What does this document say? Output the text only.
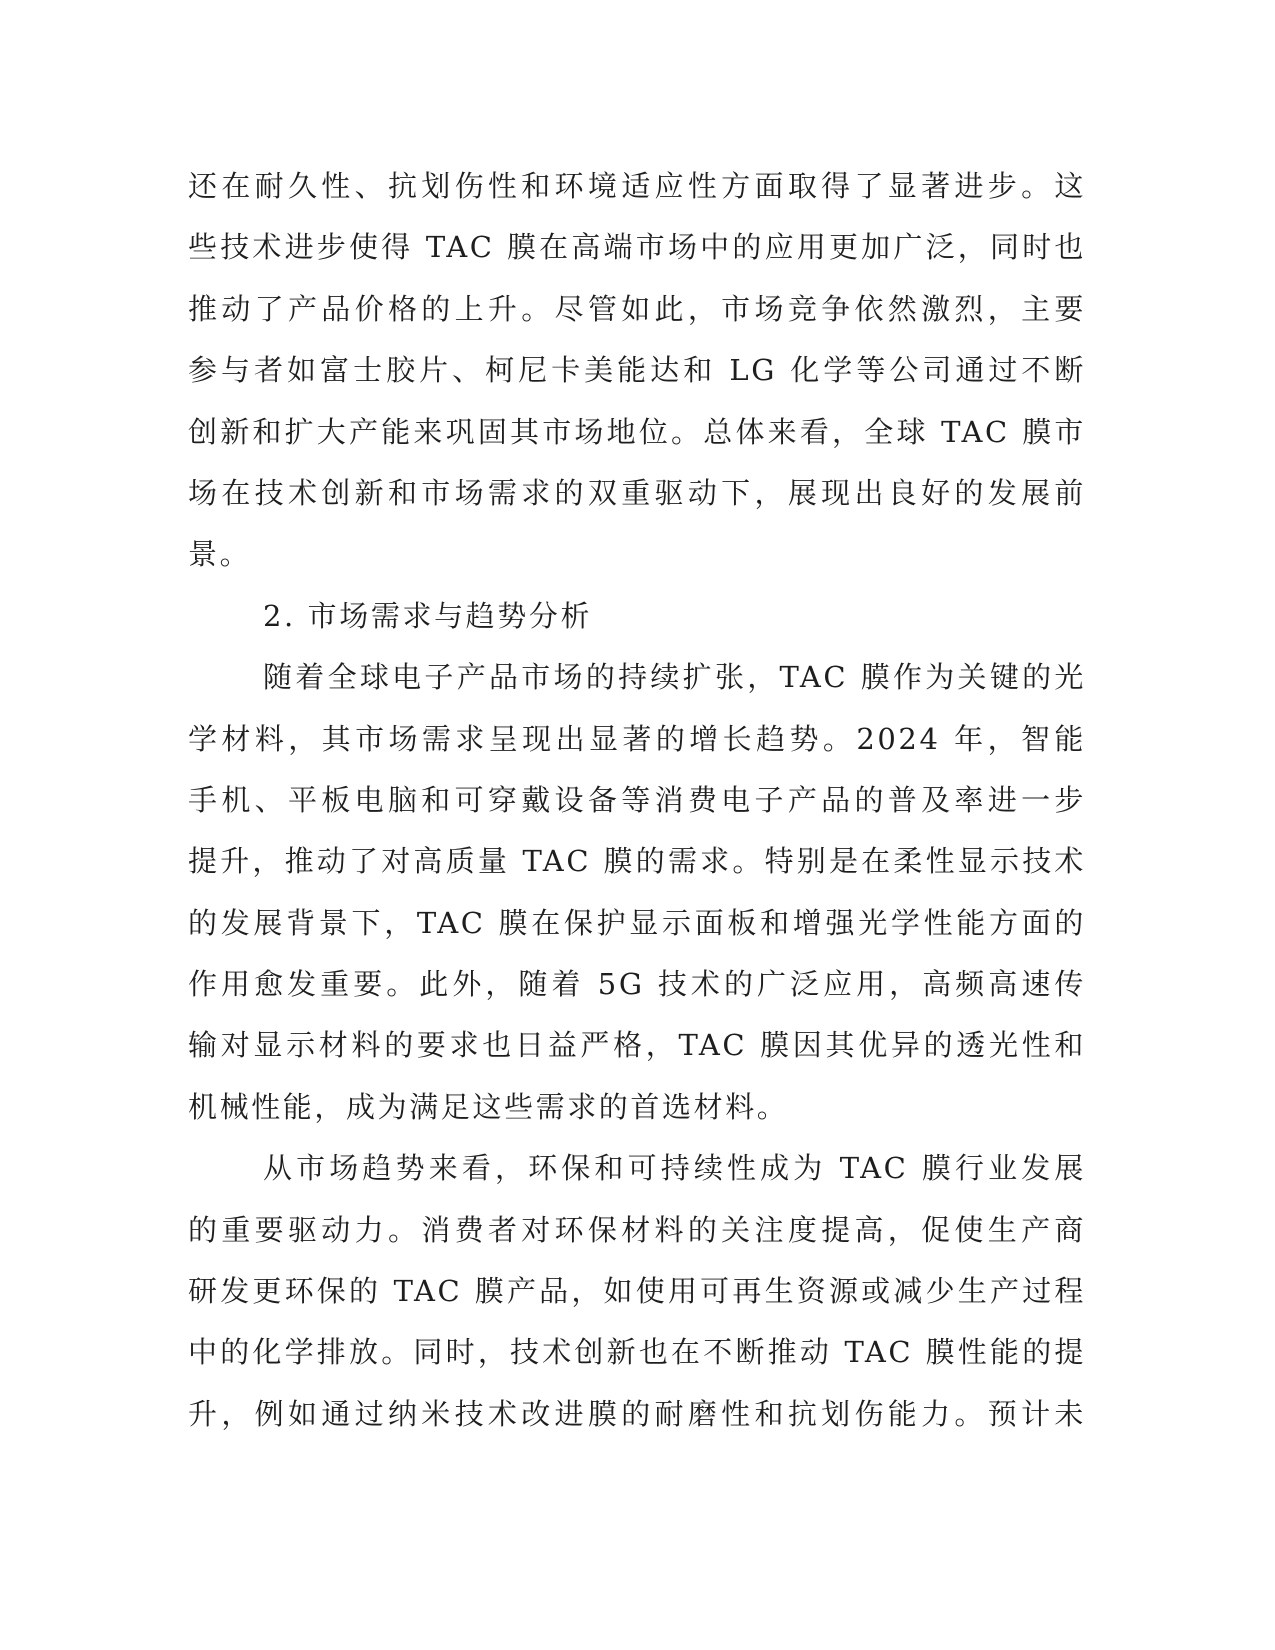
还在耐久性、抗划伤性和环境适应性方面取得了显著进步。这
些技术进步使得 TAC 膜在高端市场中的应用更加广泛，同时也
推动了产品价格的上升。尽管如此，市场竞争依然激烈，主要
参与者如富士胶片、柯尼卡美能达和 LG 化学等公司通过不断
创新和扩大产能来巩固其市场地位。总体来看，全球 TAC 膜市
场在技术创新和市场需求的双重驱动下，展现出良好的发展前
景。
2. 市场需求与趋势分析
随着全球电子产品市场的持续扩张，TAC 膜作为关键的光
学材料，其市场需求呈现出显著的增长趋势。2024 年，智能
手机、平板电脑和可穿戴设备等消费电子产品的普及率进一步
提升，推动了对高质量 TAC 膜的需求。特别是在柔性显示技术
的发展背景下，TAC 膜在保护显示面板和增强光学性能方面的
作用愈发重要。此外，随着 5G 技术的广泛应用，高频高速传
输对显示材料的要求也日益严格，TAC 膜因其优异的透光性和
机械性能，成为满足这些需求的首选材料。
从市场趋势来看，环保和可持续性成为 TAC 膜行业发展
的重要驱动力。消费者对环保材料的关注度提高，促使生产商
研发更环保的 TAC 膜产品，如使用可再生资源或减少生产过程
中的化学排放。同时，技术创新也在不断推动 TAC 膜性能的提
升，例如通过纳米技术改进膜的耐磨性和抗划伤能力。预计未
